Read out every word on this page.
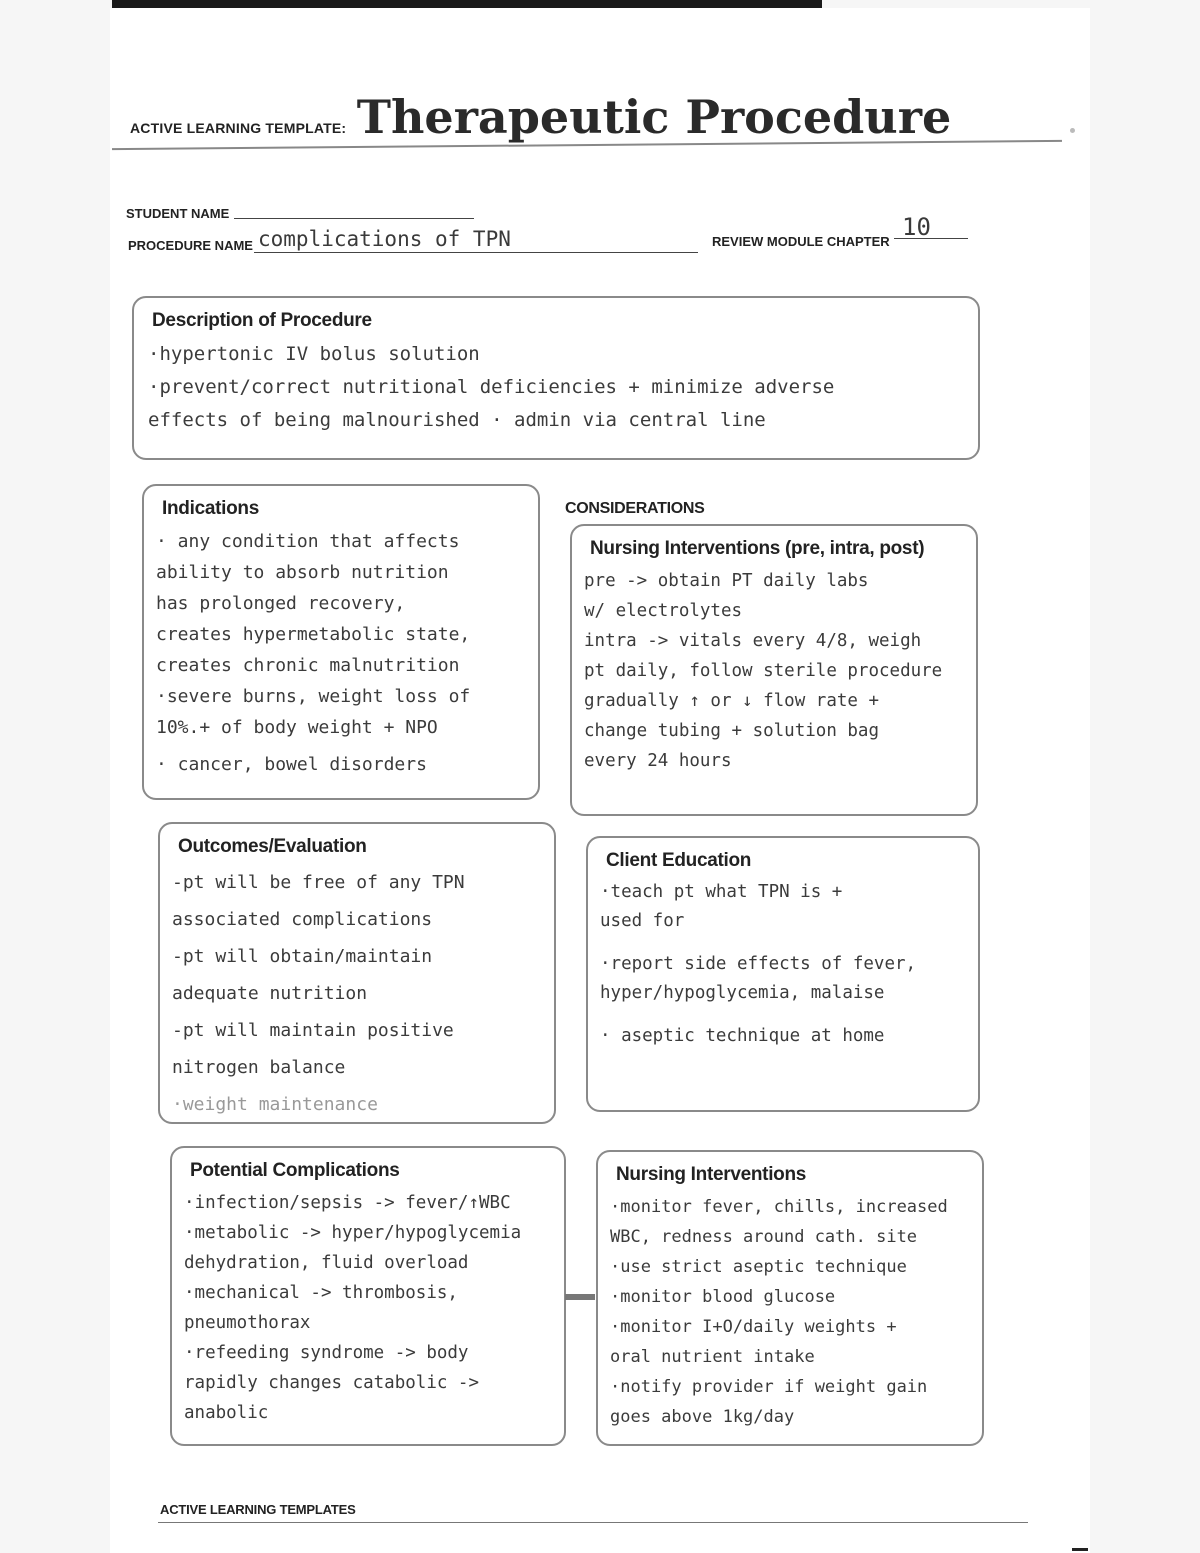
ACTIVE LEARNING TEMPLATE: Therapeutic Procedure
STUDENT NAME
PROCEDURE NAME complications of TPN	REVIEW MODULE CHAPTER
10
Description of Procedure
·hypertonic IV bolus solution
·prevent/correct nutritional deficiencies + minimize adverse
effects of being malnourished · admin via central line
Indications
· any condition that affects
ability to absorb nutrition
has prolonged recovery,
creates hypermetabolic state,
creates chronic malnutrition
·severe burns, weight loss of
10%.+ of body weight + NPO
· cancer, bowel disorders
CONSIDERATIONS
Nursing Interventions (pre, intra, post)
pre -> obtain PT daily labs
w/ electrolytes
intra -> vitals every 4/8, weigh
pt daily, follow sterile procedure
gradually ↑ or ↓ flow rate +
change tubing + solution bag
every 24 hours
Outcomes/Evaluation
-pt will be free of any TPN
associated complications
-pt will obtain/maintain
adequate nutrition
-pt will maintain positive
nitrogen balance
·weight maintenance
Client Education
·teach pt what TPN is +
used for
·report side effects of fever,
hyper/hypoglycemia, malaise
· aseptic technique at home
Potential Complications
·infection/sepsis -> fever/↑WBC
·metabolic -> hyper/hypoglycemia
dehydration, fluid overload
·mechanical -> thrombosis,
pneumothorax
·refeeding syndrome -> body
rapidly changes catabolic ->
anabolic
Nursing Interventions
·monitor fever, chills, increased
WBC, redness around cath. site
·use strict aseptic technique
·monitor blood glucose
·monitor I+O/daily weights +
oral nutrient intake
·notify provider if weight gain
goes above 1kg/day
ACTIVE LEARNING TEMPLATES
